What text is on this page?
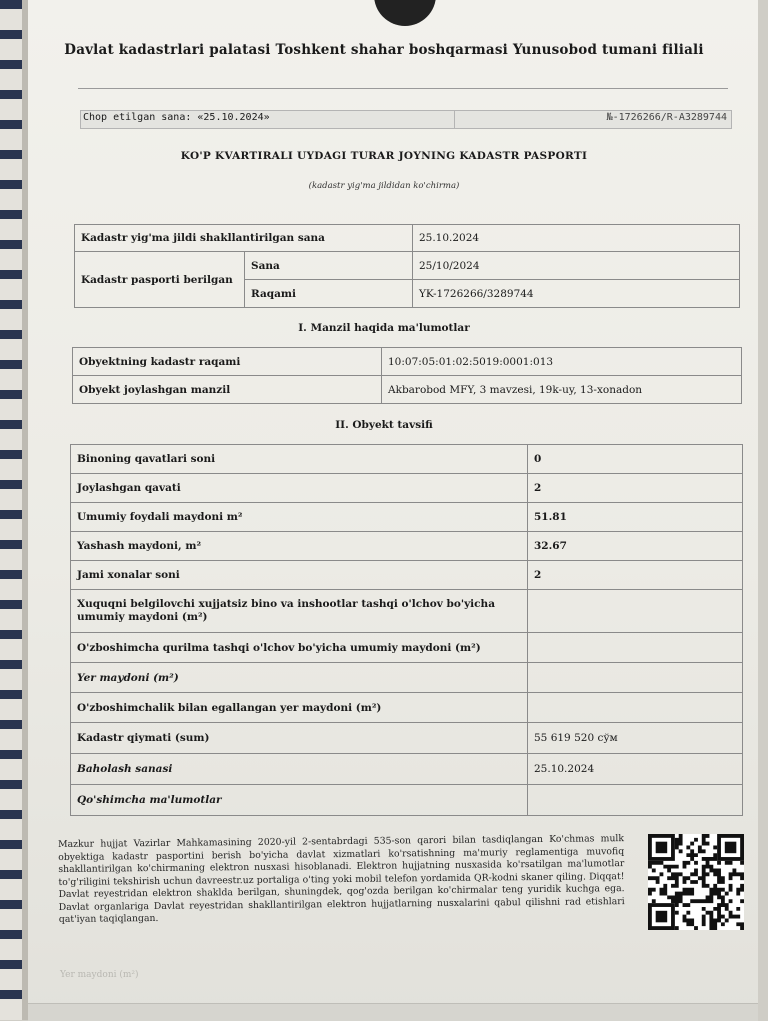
Davlat kadastrlari palatasi Toshkent shahar boshqarmasi Yunusobod tumani filiali
Chop etilgan sana: «25.10.2024»	№-1726266/R-A3289744
KO'P KVARTIRALI UYDAGI TURAR JOYNING KADASTR PASPORTI
(kadastr yig'ma jildidan ko'chirma)
Kadastr yig'ma jildi shakllantirilgan sana		25.10.2024
Kadastr pasporti berilgan	Sana	25/10/2024
	Raqami	YK-1726266/3289744
I. Manzil haqida ma'lumotlar
Obyektning kadastr raqami	10:07:05:01:02:5019:0001:013
Obyekt joylashgan manzil	Akbarobod MFY, 3 mavzesi, 19k-uy, 13-xonadon
II. Obyekt tavsifi
Binoning qavatlari soni	0
Joylashgan qavati	2
Umumiy foydali maydoni m²	51.81
Yashash maydoni, m²	32.67
Jami xonalar soni	2
Xuquqni belgilovchi xujjatsiz bino va inshootlar tashqi o'lchov bo'yicha umumiy maydoni (m²)	
O'zboshimcha qurilma tashqi o'lchov bo'yicha umumiy maydoni (m²)	
Yer maydoni (m²)	
O'zboshimchalik bilan egallangan yer maydoni (m²)	
Kadastr qiymati (sum)	55 619 520 сўм
Baholash sanasi	25.10.2024
Qo'shimcha ma'lumotlar	
Mazkur hujjat Vazirlar Mahkamasining 2020-yil 2-sentabrdagi 535-son qarori bilan tasdiqlangan Ko'chmas mulk obyektiga kadastr pasportini berish bo'yicha davlat xizmatlari ko'rsatishning ma'muriy reglamentiga muvofiq shakllantirilgan ko'chirmaning elektron nusxasi hisoblanadi. Elektron hujjatning nusxasida ko'rsatilgan ma'lumotlar to'g'riligini tekshirish uchun davreestr.uz portaliga o'ting yoki mobil telefon yordamida QR-kodni skaner qiling. Diqqat! Davlat reyestridan elektron shaklda berilgan, shuningdek, qog'ozda berilgan ko'chirmalar teng yuridik kuchga ega. Davlat organlariga Davlat reyestridan shakllantirilgan elektron hujjatlarning nusxalarini qabul qilishni rad etishlari qat'iyan taqiqlangan.
Yer maydoni (m²)
